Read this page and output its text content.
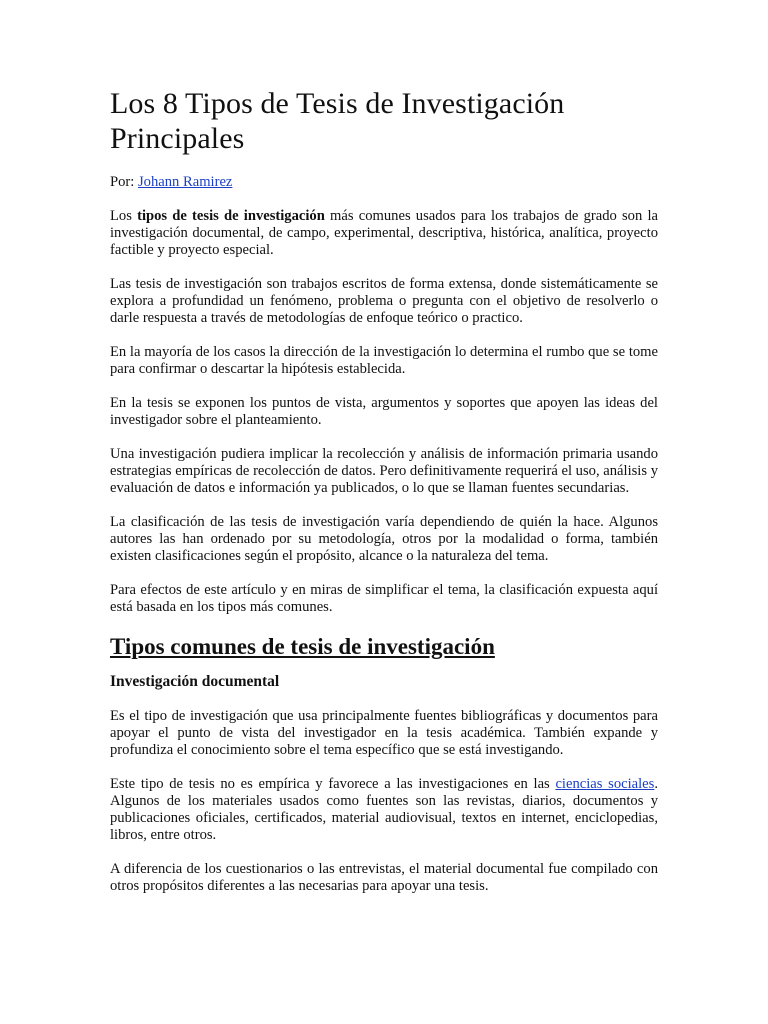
Los 8 Tipos de Tesis de Investigación Principales
Por: Johann Ramirez

Los tipos de tesis de investigación más comunes usados para los trabajos de grado son la investigación documental, de campo, experimental, descriptiva, histórica, analítica, proyecto factible y proyecto especial.

Las tesis de investigación son trabajos escritos de forma extensa, donde sistemáticamente se explora a profundidad un fenómeno, problema o pregunta con el objetivo de resolverlo o darle respuesta a través de metodologías de enfoque teórico o practico.

En la mayoría de los casos la dirección de la investigación lo determina el rumbo que se tome para confirmar o descartar la hipótesis establecida.

En la tesis se exponen los puntos de vista, argumentos y soportes que apoyen las ideas del investigador sobre el planteamiento.

Una investigación pudiera implicar la recolección y análisis de información primaria usando estrategias empíricas de recolección de datos. Pero definitivamente requerirá el uso, análisis y evaluación de datos e información ya publicados, o lo que se llaman fuentes secundarias.

La clasificación de las tesis de investigación varía dependiendo de quién la hace. Algunos autores las han ordenado por su metodología, otros por la modalidad o forma, también existen clasificaciones según el propósito, alcance o la naturaleza del tema.

Para efectos de este artículo y en miras de simplificar el tema, la clasificación expuesta aquí está basada en los tipos más comunes.

Tipos comunes de tesis de investigación
Investigación documental

Es el tipo de investigación que usa principalmente fuentes bibliográficas y documentos para apoyar el punto de vista del investigador en la tesis académica. También expande y profundiza el conocimiento sobre el tema específico que se está investigando.

Este tipo de tesis no es empírica y favorece a las investigaciones en las ciencias sociales. Algunos de los materiales usados como fuentes son las revistas, diarios, documentos y publicaciones oficiales, certificados, material audiovisual, textos en internet, enciclopedias, libros, entre otros.

A diferencia de los cuestionarios o las entrevistas, el material documental fue compilado con otros propósitos diferentes a las necesarias para apoyar una tesis.
